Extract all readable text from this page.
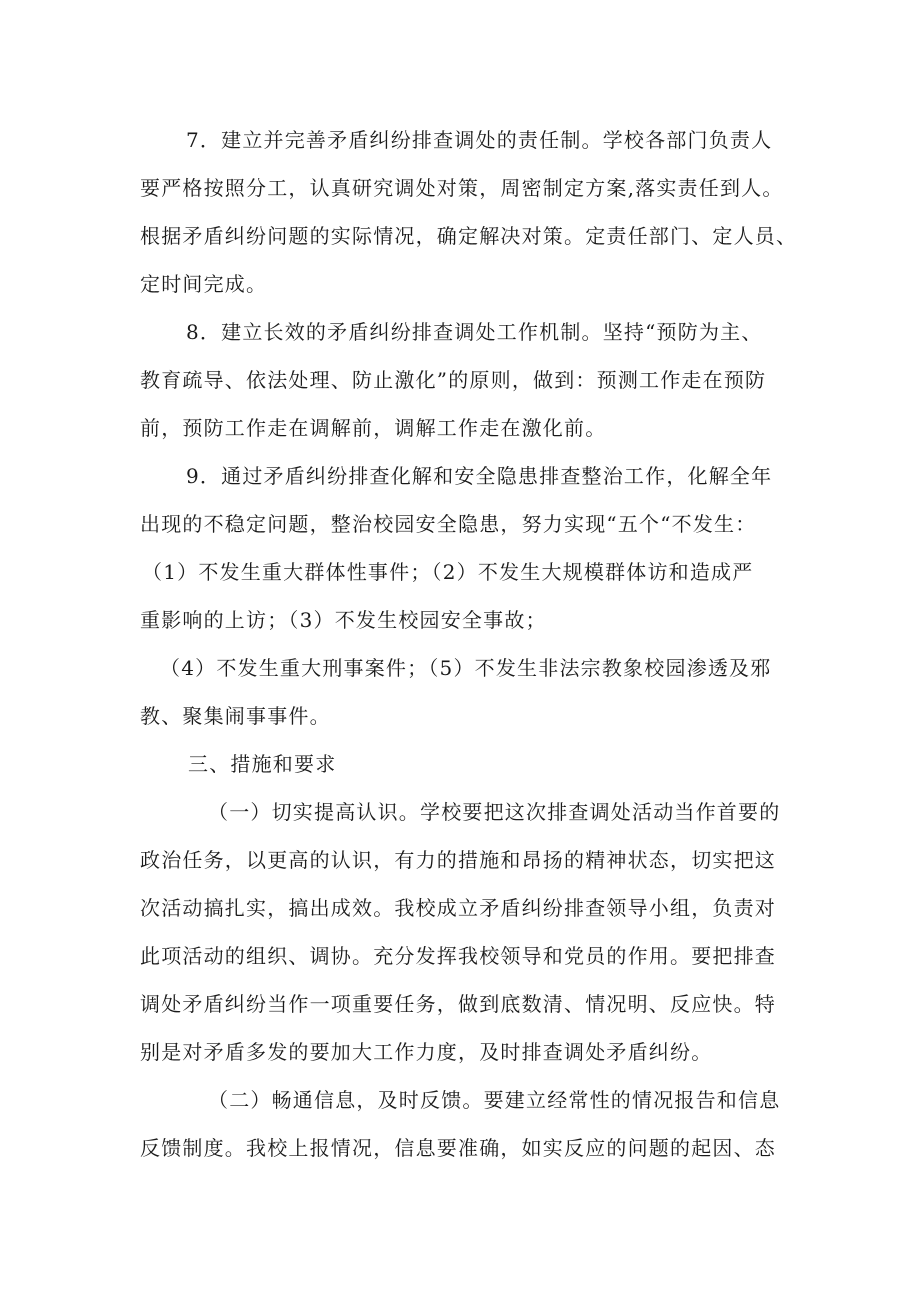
7．建立并完善矛盾纠纷排查调处的责任制。学校各部门负责人

要严格按照分工，认真研究调处对策，周密制定方案,落实责任到人。

根据矛盾纠纷问题的实际情况，确定解决对策。定责任部门、定人员、

定时间完成。

8．建立长效的矛盾纠纷排查调处工作机制。坚持“预防为主、

教育疏导、依法处理、防止激化”的原则，做到：预测工作走在预防

前，预防工作走在调解前，调解工作走在激化前。

9．通过矛盾纠纷排查化解和安全隐患排查整治工作，化解全年

出现的不稳定问题，整治校园安全隐患，努力实现“五个“不发生：

（1）不发生重大群体性事件；（2）不发生大规模群体访和造成严

重影响的上访；（3）不发生校园安全事故；

（4）不发生重大刑事案件；（5）不发生非法宗教象校园渗透及邪

教、聚集闹事事件。

三、措施和要求

（一）切实提高认识。学校要把这次排查调处活动当作首要的

政治任务，以更高的认识，有力的措施和昂扬的精神状态，切实把这

次活动搞扎实，搞出成效。我校成立矛盾纠纷排查领导小组，负责对

此项活动的组织、调协。充分发挥我校领导和党员的作用。要把排查

调处矛盾纠纷当作一项重要任务，做到底数清、情况明、反应快。特

别是对矛盾多发的要加大工作力度，及时排查调处矛盾纠纷。

（二）畅通信息，及时反馈。要建立经常性的情况报告和信息

反馈制度。我校上报情况，信息要准确，如实反应的问题的起因、态
